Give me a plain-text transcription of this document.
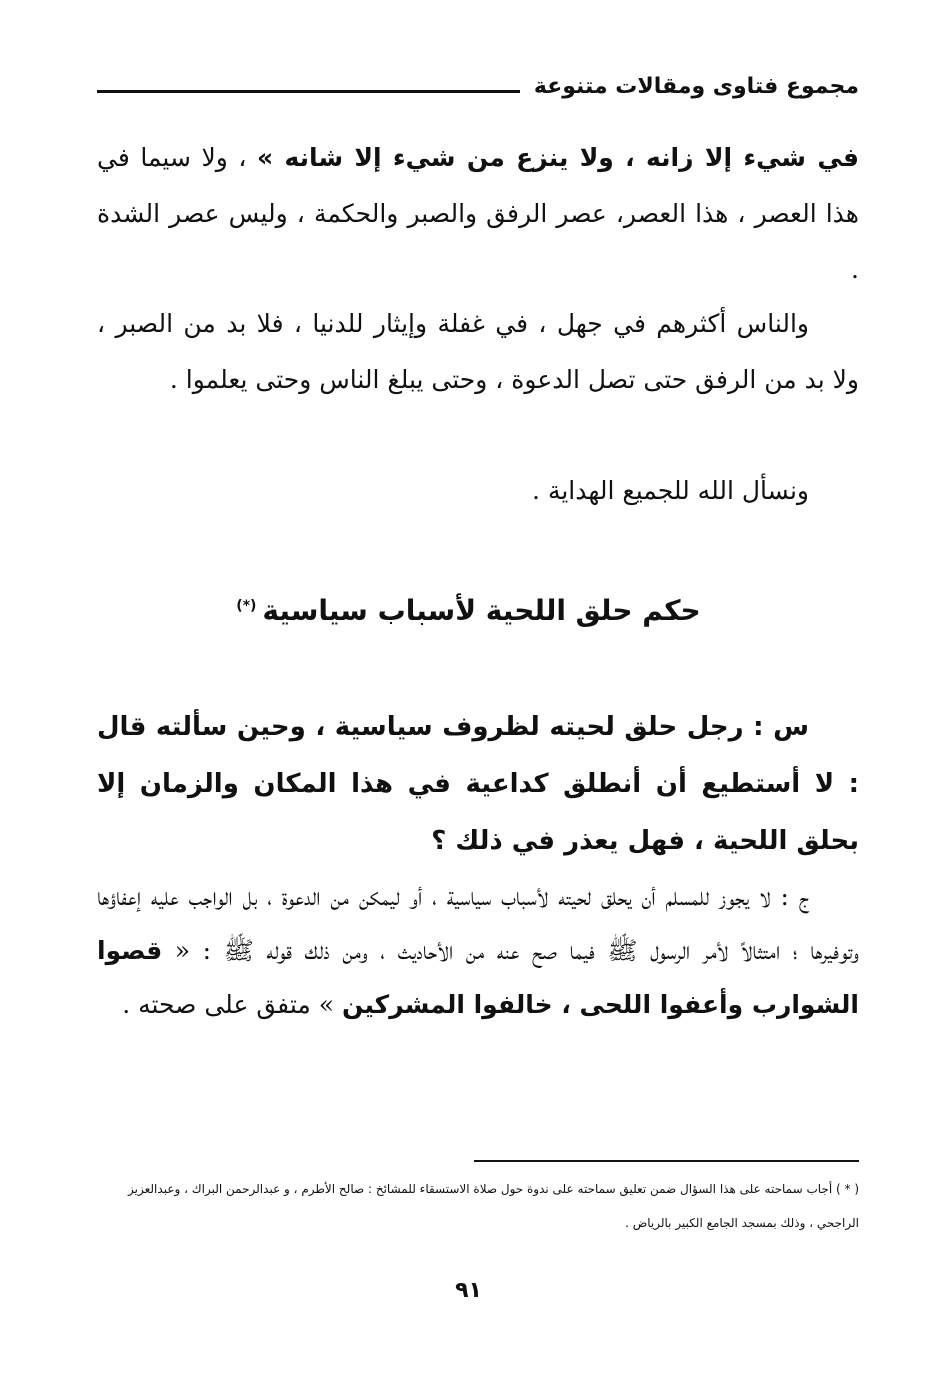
مجموع فتاوى ومقالات متنوعة

في شيء إلا زانه ، ولا ينزع من شيء إلا شانه » ، ولا سيما في هذا العصر ، هذا العصر، عصر الرفق والصبر والحكمة ، وليس عصر الشدة .

والناس أكثرهم في جهل ، في غفلة وإيثار للدنيا ، فلا بد من الصبر ، ولا بد من الرفق حتى تصل الدعوة ، وحتى يبلغ الناس وحتى يعلموا .

ونسأل الله للجميع الهداية .

حكم حلق اللحية لأسباب سياسية(*)
س : رجل حلق لحيته لظروف سياسية ، وحين سألته قال : لا أستطيع أن أنطلق كداعية في هذا المكان والزمان إلا بحلق اللحية ، فهل يعذر في ذلك ؟
ج : لا يجوز للمسلم أن يحلق لحيته لأسباب سياسية ، أو ليمكن من الدعوة ، بل الواجب عليه إعفاؤها وتوفيرها ؛ امتثالاً لأمر الرسول ﷺ فيما صح عنه من الأحاديث ، ومن ذلك قوله ﷺ : « قصوا الشوارب وأعفوا اللحى ، خالفوا المشركين » متفق على صحته .
( * ) أجاب سماحته على هذا السؤال ضمن تعليق سماحته على ندوة حول صلاة الاستسقاء للمشائخ : صالح الأطرم ، و عبدالرحمن البراك ، وعبدالعزيز الراجحي ، وذلك بمسجد الجامع الكبير بالرياض .
٩١
